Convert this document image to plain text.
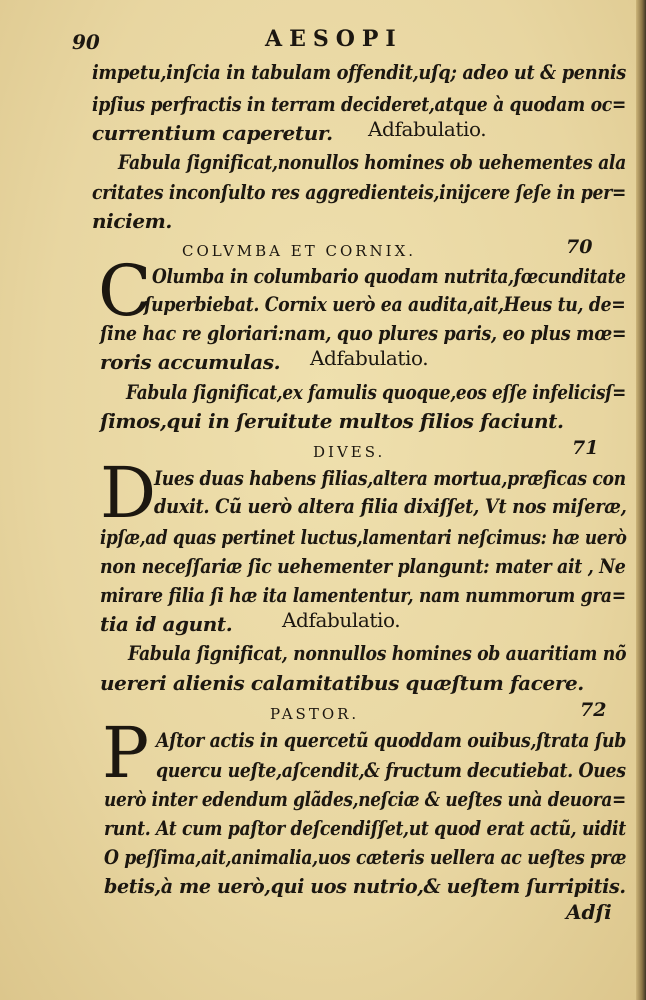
90	AESOPI
impetu,inſcia in tabulam offendit,uſq; adeo ut & pennis
ipſius perfractis in terram decideret,atque à quodam oc=
currentium caperetur. Adfabulatio.
Fabula ſignificat,nonullos homines ob uehementes ala
critates inconſulto res aggredienteis,inijcere ſeſe in per=
niciem.
COLVMBA ET CORNIX.	70
C Olumba in columbario quodam nutrita,fœcunditate
ſuperbiebat. Cornix uerò ea audita,ait,Heus tu, de=
ſine hac re gloriari:nam, quo plures paris, eo plus mœ=
roris accumulas. Adfabulatio.
Fabula ſignificat,ex famulis quoque,eos eſſe infelicisſ=
ſimos,qui in ſeruitute multos filios faciunt.
DIVES.	71
D
Iues duas habens filias,altera mortua,præficas con
duxit. Cũ uerò altera filia dixiſſet, Vt nos miſeræ,
ipſæ,ad quas pertinet luctus,lamentari neſcimus: hæ uerò
non neceſſariæ ſic uehementer plangunt: mater ait , Ne
mirare filia ſi hæ ita lamententur, nam nummorum gra=
tia id agunt. Adfabulatio.
Fabula ſignificat, nonnullos homines ob auaritiam nõ
uereri alienis calamitatibus quæſtum facere.
PASTOR.	72
P Aſtor actis in quercetũ quoddam ouibus,ſtrata ſub
quercu ueſte,aſcendit,& fructum decutiebat. Oues
uerò inter edendum glãdes,neſciæ & ueſtes unà deuora=
runt. At cum paſtor deſcendiſſet,ut quod erat actũ, uidit
O peſſima,ait,animalia,uos cæteris uellera ac ueſtes præ
betis,à me uerò,qui uos nutrio,& ueſtem ſurripitis.
Adſi
